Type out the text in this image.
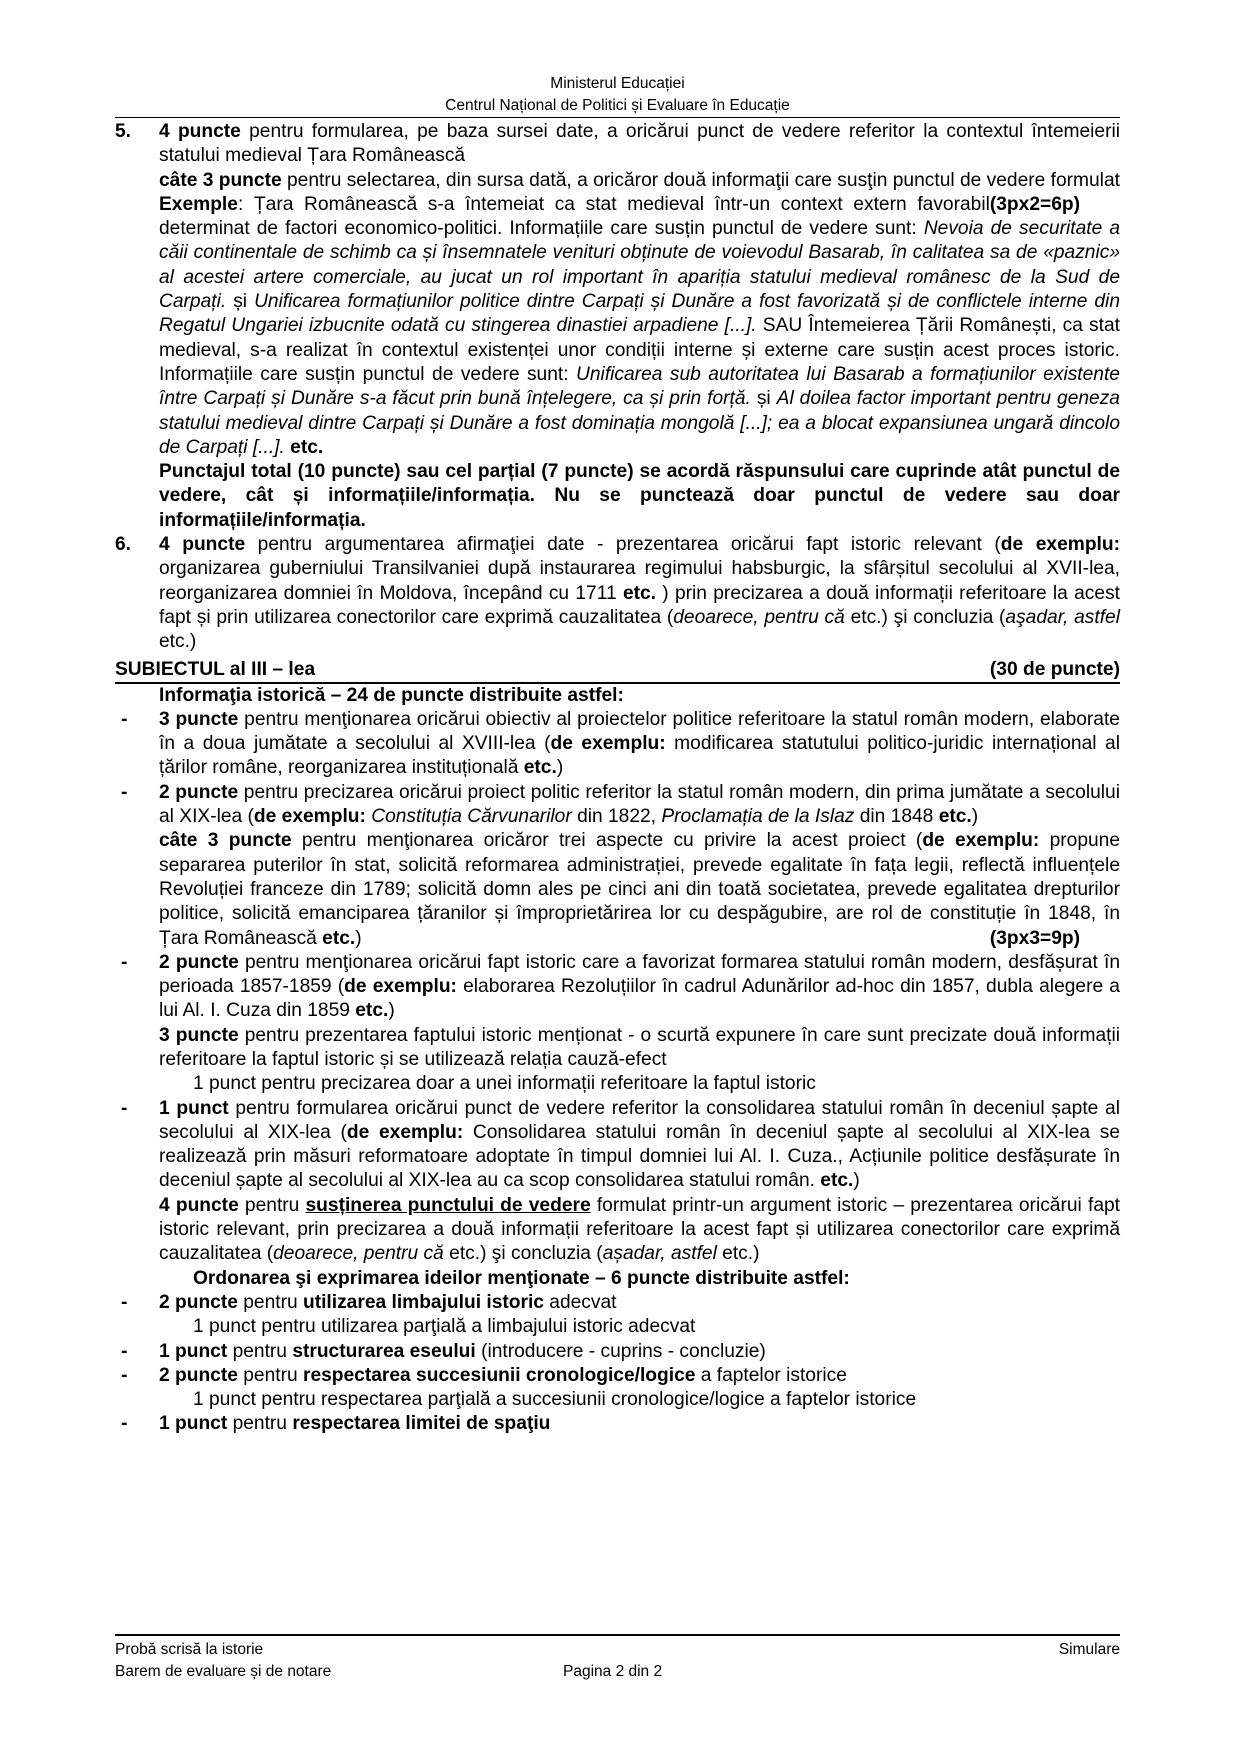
Ministerul Educației
Centrul Național de Politici și Evaluare în Educație
5. 4 puncte pentru formularea, pe baza sursei date, a oricărui punct de vedere referitor la contextul întemeierii statului medieval Țara Românească
câte 3 puncte pentru selectarea, din sursa dată, a oricăror două informaţii care susţin punctul de vedere formulat
(3px2=6p)
Exemple: Țara Românească s-a întemeiat ca stat medieval într-un context extern favorabil determinat de factori economico-politici. Informațiile care susțin punctul de vedere sunt: Nevoia de securitate a căii continentale de schimb ca și însemnatele venituri obținute de voievodul Basarab, în calitatea sa de «paznic» al acestei artere comerciale, au jucat un rol important în apariția statului medieval românesc de la Sud de Carpați. și Unificarea formațiunilor politice dintre Carpați și Dunăre a fost favorizată și de conflictele interne din Regatul Ungariei izbucnite odată cu stingerea dinastiei arpadiene [...]. SAU Întemeierea Țării Românești, ca stat medieval, s-a realizat în contextul existenței unor condiții interne și externe care susțin acest proces istoric. Informațiile care susțin punctul de vedere sunt: Unificarea sub autoritatea lui Basarab a formațiunilor existente între Carpați și Dunăre s-a făcut prin bună înțelegere, ca și prin forță. și Al doilea factor important pentru geneza statului medieval dintre Carpați și Dunăre a fost dominația mongolă [...]; ea a blocat expansiunea ungară dincolo de Carpați [...]. etc.
Punctajul total (10 puncte) sau cel parțial (7 puncte) se acordă răspunsului care cuprinde atât punctul de vedere, cât și informațiile/informația. Nu se punctează doar punctul de vedere sau doar informațiile/informația.
6. 4 puncte pentru argumentarea afirmaţiei date - prezentarea oricărui fapt istoric relevant (de exemplu: organizarea guberniului Transilvaniei după instaurarea regimului habsburgic, la sfârșitul secolului al XVII-lea, reorganizarea domniei în Moldova, începând cu 1711 etc. ) prin precizarea a două informații referitoare la acest fapt și prin utilizarea conectorilor care exprimă cauzalitatea (deoarece, pentru că etc.) şi concluzia (aşadar, astfel etc.)
SUBIECTUL al III – lea	(30 de puncte)
Informaţia istorică – 24 de puncte distribuite astfel:
- 3 puncte pentru menţionarea oricărui obiectiv al proiectelor politice referitoare la statul român modern, elaborate în a doua jumătate a secolului al XVIII-lea (de exemplu: modificarea statutului politico-juridic internațional al țărilor române, reorganizarea instituțională etc.)
- 2 puncte pentru precizarea oricărui proiect politic referitor la statul român modern, din prima jumătate a secolului al XIX-lea (de exemplu: Constituția Cărvunarilor din 1822, Proclamația de la Islaz din 1848 etc.)
câte 3 puncte pentru menţionarea oricăror trei aspecte cu privire la acest proiect (de exemplu: propune separarea puterilor în stat, solicită reformarea administrației, prevede egalitate în fața legii, reflectă influențele Revoluției franceze din 1789; solicită domn ales pe cinci ani din toată societatea, prevede egalitatea drepturilor politice, solicită emanciparea țăranilor și împroprietărirea lor cu despăgubire, are rol de constituție în 1848, în Țara Românească etc.)	(3px3=9p)
- 2 puncte pentru menţionarea oricărui fapt istoric care a favorizat formarea statului român modern, desfășurat în perioada 1857-1859 (de exemplu: elaborarea Rezoluțiilor în cadrul Adunărilor ad-hoc din 1857, dubla alegere a lui Al. I. Cuza din 1859 etc.)
3 puncte pentru prezentarea faptului istoric menționat - o scurtă expunere în care sunt precizate două informații referitoare la faptul istoric și se utilizează relația cauză-efect
1 punct pentru precizarea doar a unei informații referitoare la faptul istoric
- 1 punct pentru formularea oricărui punct de vedere referitor la consolidarea statului român în deceniul șapte al secolului al XIX-lea (de exemplu: Consolidarea statului român în deceniul șapte al secolului al XIX-lea se realizează prin măsuri reformatoare adoptate în timpul domniei lui Al. I. Cuza., Acțiunile politice desfășurate în deceniul șapte al secolului al XIX-lea au ca scop consolidarea statului român. etc.)
4 puncte pentru susținerea punctului de vedere formulat printr-un argument istoric – prezentarea oricărui fapt istoric relevant, prin precizarea a două informații referitoare la acest fapt și utilizarea conectorilor care exprimă cauzalitatea (deoarece, pentru că etc.) şi concluzia (așadar, astfel etc.)
Ordonarea şi exprimarea ideilor menţionate – 6 puncte distribuite astfel:
- 2 puncte pentru utilizarea limbajului istoric adecvat
1 punct pentru utilizarea parţială a limbajului istoric adecvat
- 1 punct pentru structurarea eseului (introducere - cuprins - concluzie)
- 2 puncte pentru respectarea succesiunii cronologice/logice a faptelor istorice
1 punct pentru respectarea parţială a succesiunii cronologice/logice a faptelor istorice
- 1 punct pentru respectarea limitei de spaţiu
Probă scrisă la istorie
Barem de evaluare și de notare	Pagina 2 din 2
Simulare
